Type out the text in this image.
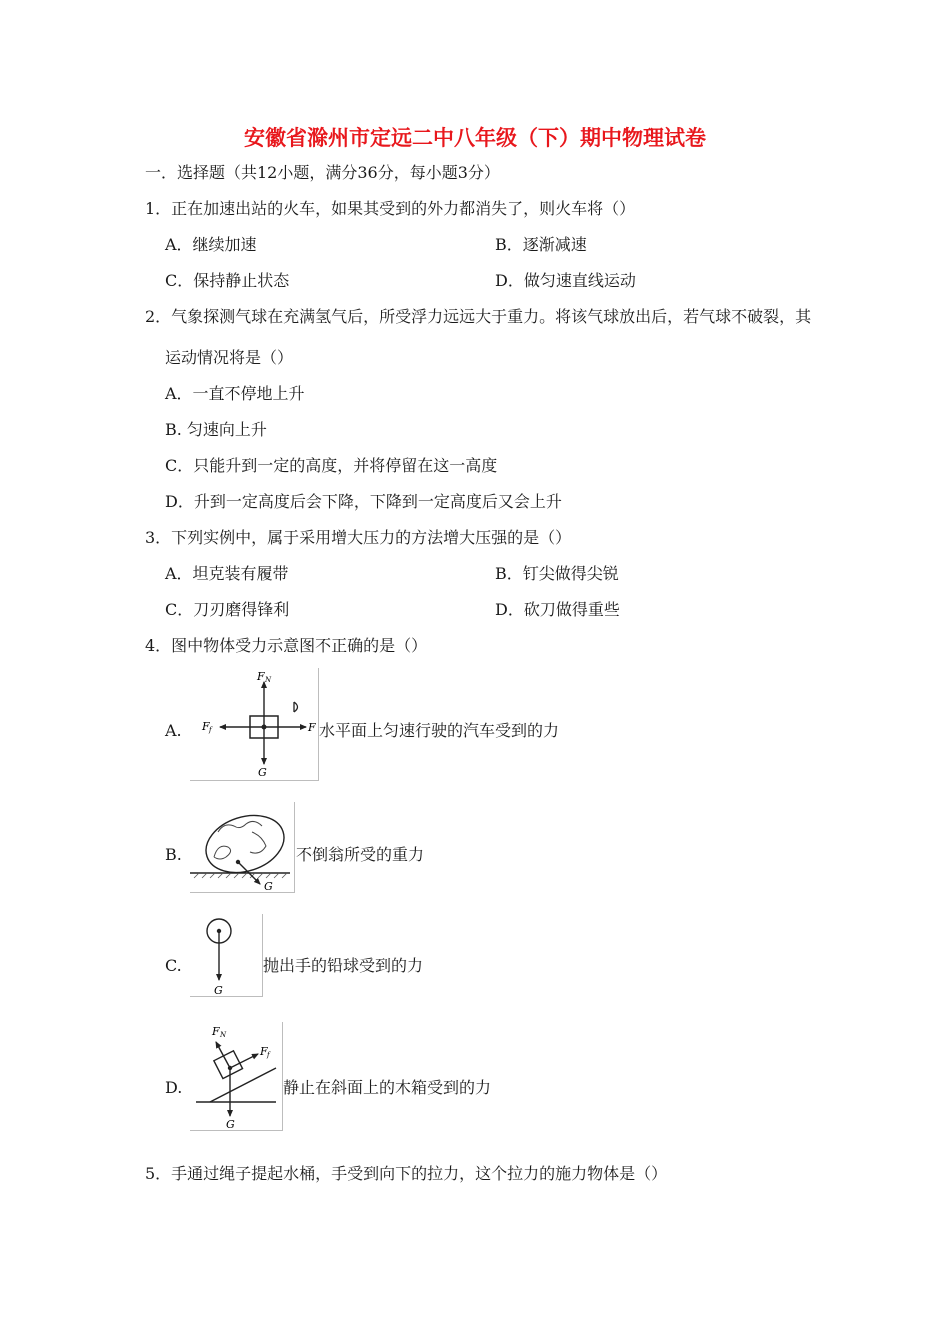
安徽省滁州市定远二中八年级（下）期中物理试卷
一．选择题（共12小题，满分36分，每小题3分）
1．正在加速出站的火车，如果其受到的外力都消失了，则火车将（）
A．继续加速	B．逐渐减速
C．保持静止状态	D．做匀速直线运动
2．气象探测气球在充满氢气后，所受浮力远远大于重力。将该气球放出后，若气球不破裂，其
运动情况将是（）
A．一直不停地上升
B. 匀速向上升
C．只能升到一定的高度，并将停留在这一高度
D．升到一定高度后会下降，下降到一定高度后又会上升
3．下列实例中，属于采用增大压力的方法增大压强的是（）
A．坦克装有履带	B．钉尖做得尖锐
C．刀刃磨得锋利	D．砍刀做得重些
4．图中物体受力示意图不正确的是（）
A.
F N
F f	F
G
水平面上匀速行驶的汽车受到的力
B.
G
不倒翁所受的重力
C.
G
抛出手的铅球受到的力
D.
F N
F f
G
静止在斜面上的木箱受到的力
5．手通过绳子提起水桶，手受到向下的拉力，这个拉力的施力物体是（）
